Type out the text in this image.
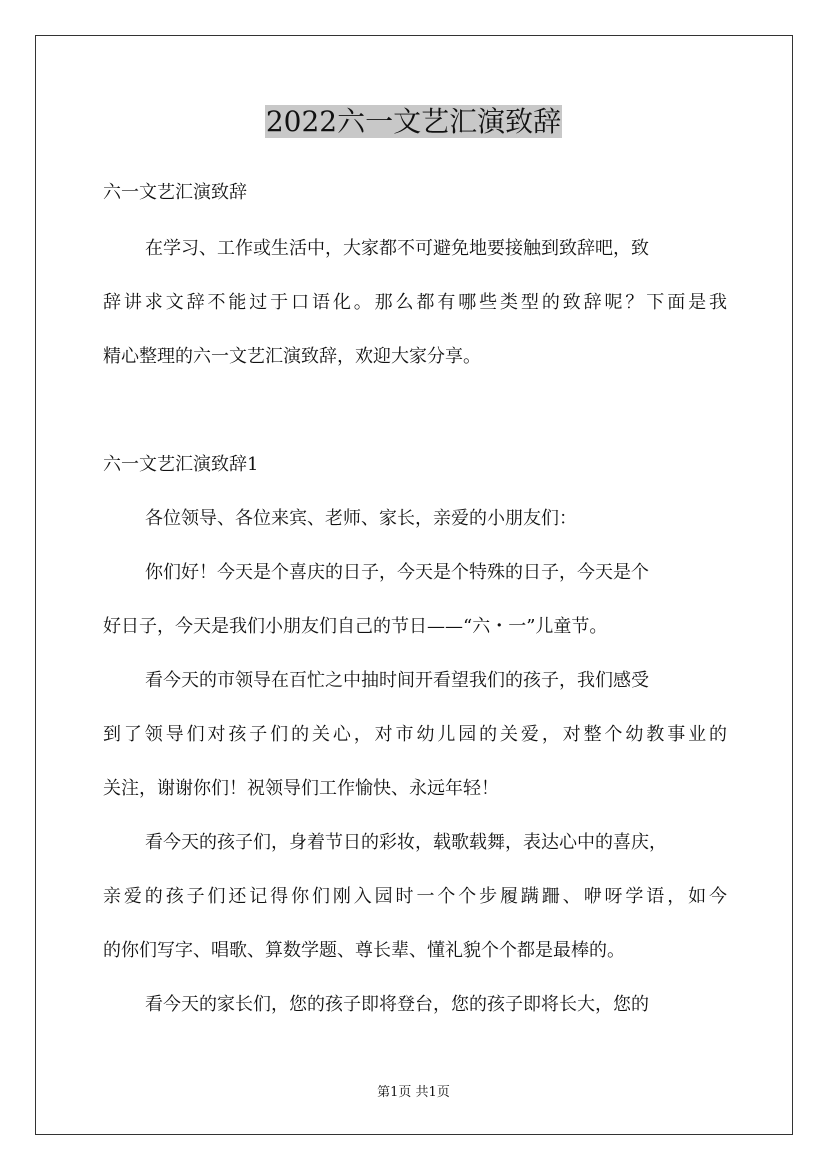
2022六一文艺汇演致辞
六一文艺汇演致辞
在学习、工作或生活中，大家都不可避免地要接触到致辞吧，致
辞讲求文辞不能过于口语化。那么都有哪些类型的致辞呢？下面是我
精心整理的六一文艺汇演致辞，欢迎大家分享。
六一文艺汇演致辞1
各位领导、各位来宾、老师、家长，亲爱的小朋友们：
你们好！今天是个喜庆的日子，今天是个特殊的日子，今天是个
好日子，今天是我们小朋友们自己的节日——“六・一”儿童节。
看今天的市领导在百忙之中抽时间开看望我们的孩子，我们感受
到了领导们对孩子们的关心，对市幼儿园的关爱，对整个幼教事业的
关注，谢谢你们！祝领导们工作愉快、永远年轻！
看今天的孩子们，身着节日的彩妆，载歌载舞，表达心中的喜庆，
亲爱的孩子们还记得你们刚入园时一个个步履蹒跚、咿呀学语，如今
的你们写字、唱歌、算数学题、尊长辈、懂礼貌个个都是最棒的。
看今天的家长们，您的孩子即将登台，您的孩子即将长大，您的
第1页 共1页
